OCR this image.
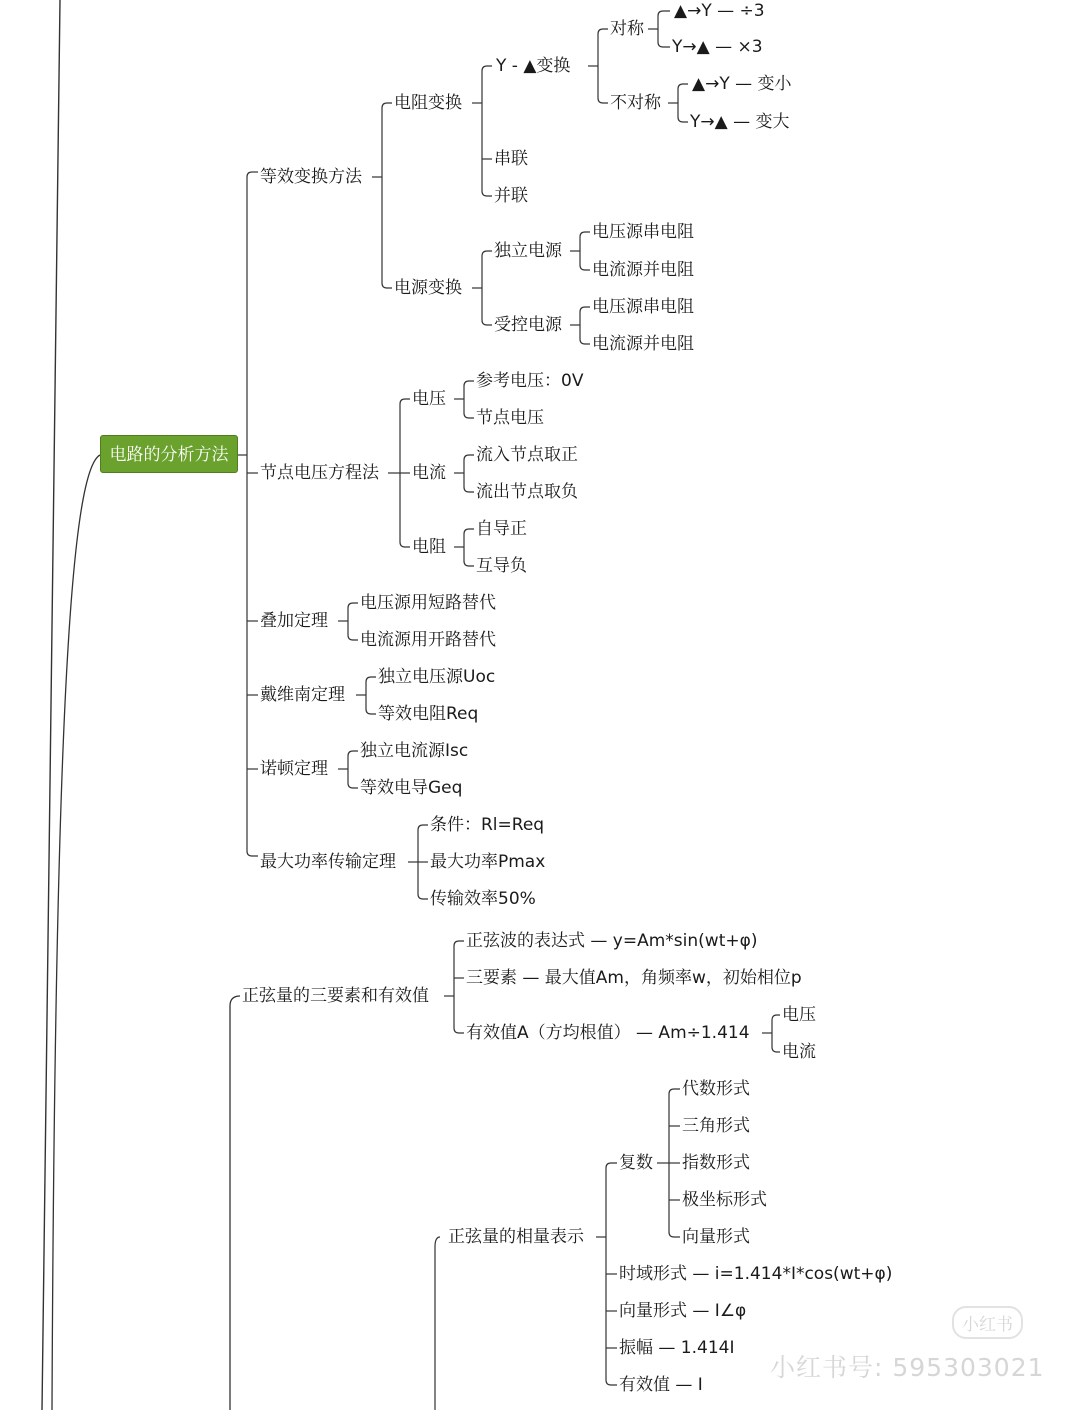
电路的分析方法
等效变换方法
节点电压方程法
叠加定理
戴维南定理
诺顿定理
最大功率传输定理
正弦量的三要素和有效值
正弦量的相量表示
电阻变换
Y - ▲变换
对称
▲→Y — ÷3
Y→▲ — ×3
不对称
▲→Y — 变小
Y→▲ — 变大
串联
并联
电源变换
独立电源
电压源串电阻
电流源并电阻
受控电源
电压源串电阻
电流源并电阻
电压
参考电压：0V
节点电压
电流
流入节点取正
流出节点取负
电阻
自导正
互导负
电压源用短路替代
电流源用开路替代
独立电压源Uoc
等效电阻Req
独立电流源Isc
等效电导Geq
条件：Rl=Req
最大功率Pmax
传输效率50%
正弦波的表达式 — y=Am*sin(wt+φ)
三要素 — 最大值Am，角频率w，初始相位p
有效值A（方均根值） — Am÷1.414
电压
电流
复数
代数形式
三角形式
指数形式
极坐标形式
向量形式
时域形式 — i=1.414*I*cos(wt+φ)
向量形式 — I∠φ
振幅 — 1.414I
有效值 — I
小红书
小红书号: 595303021
